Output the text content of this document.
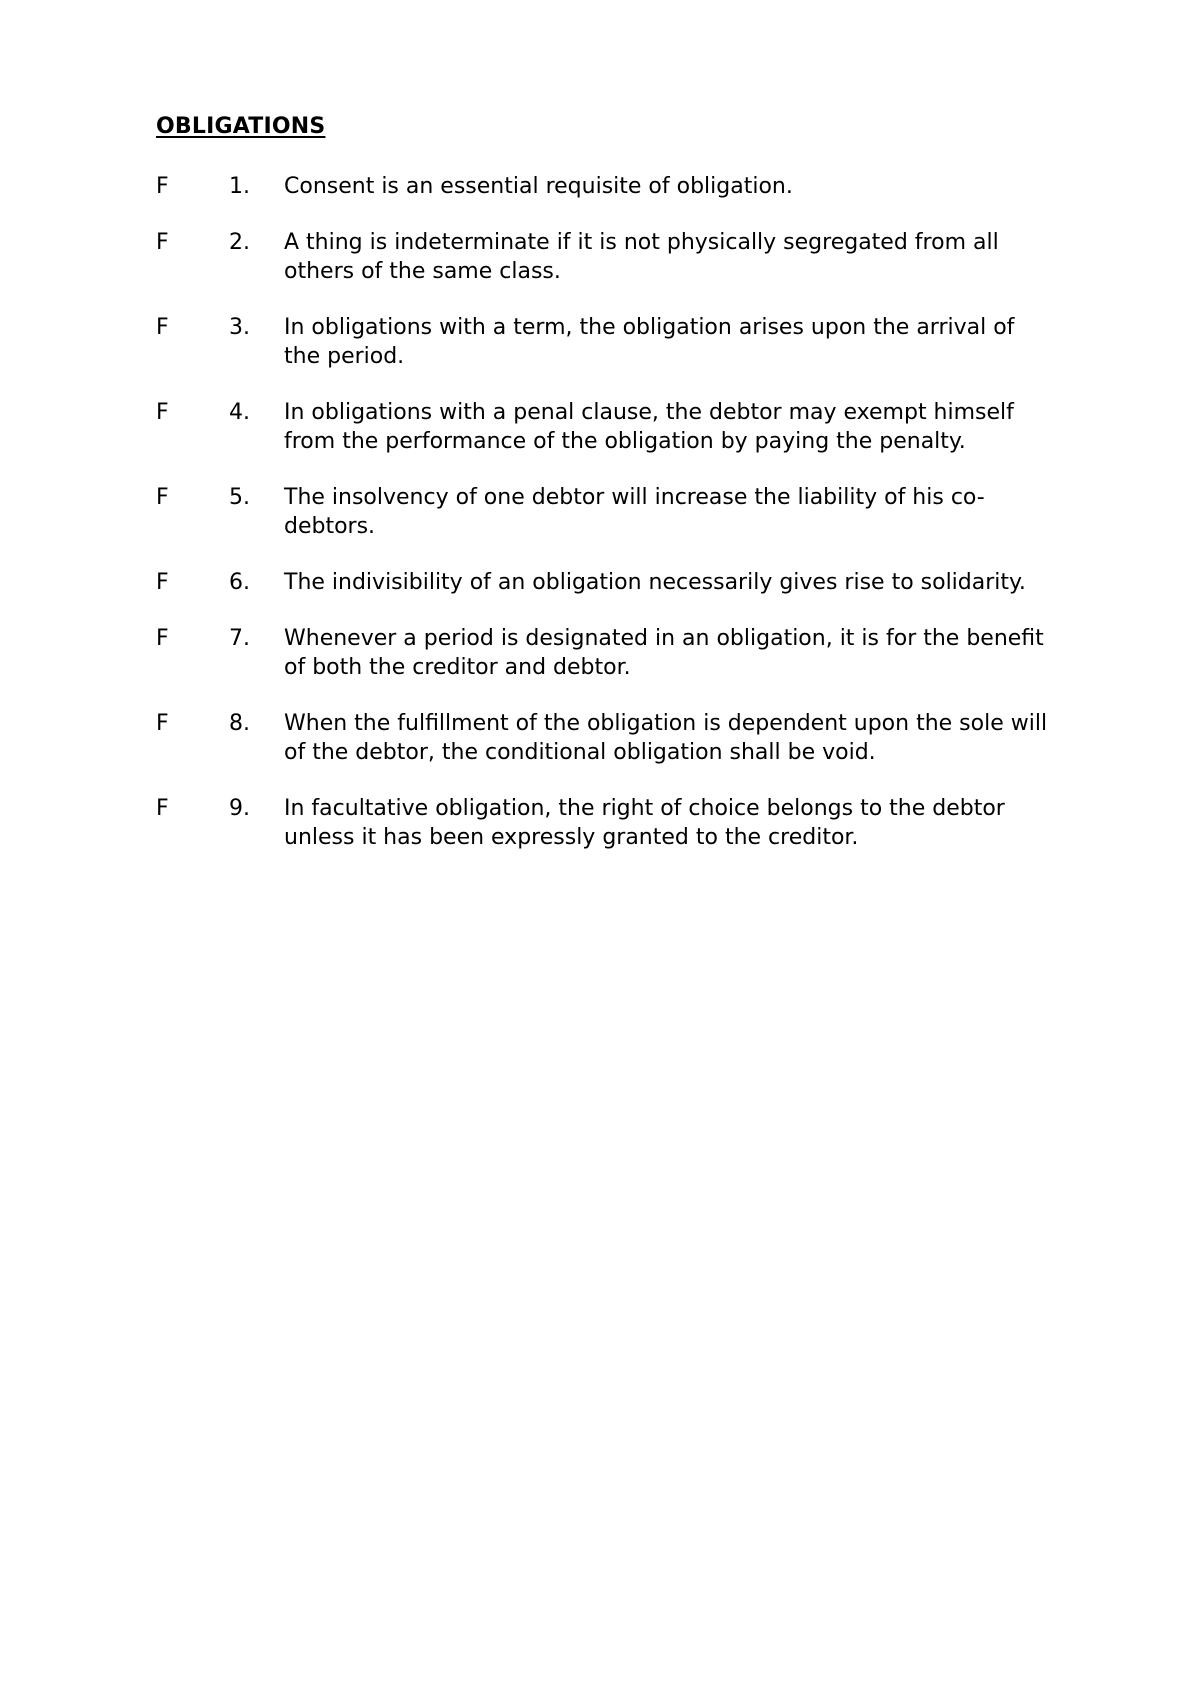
OBLIGATIONS
F	1.	Consent is an essential requisite of obligation.
F	2.	A thing is indeterminate if it is not physically segregated from all others of the same class.
F	3.	In obligations with a term, the obligation arises upon the arrival of the period.
F	4.	In obligations with a penal clause, the debtor may exempt himself from the performance of the obligation by paying the penalty.
F	5.	The insolvency of one debtor will increase the liability of his co-debtors.
F	6.	The indivisibility of an obligation necessarily gives rise to solidarity.
F	7.	Whenever a period is designated in an obligation, it is for the benefit of both the creditor and debtor.
F	8.	When the fulfillment of the obligation is dependent upon the sole will of the debtor, the conditional obligation shall be void.
F	9.	In facultative obligation, the right of choice belongs to the debtor unless it has been expressly granted to the creditor.
